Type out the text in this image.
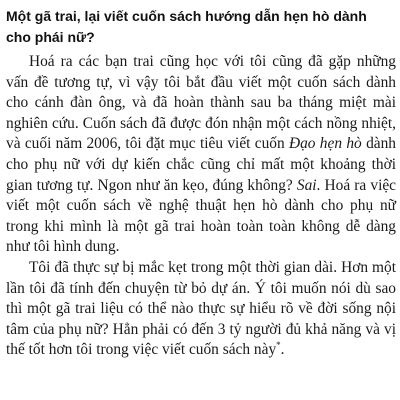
Một gã trai, lại viết cuốn sách hướng dẫn hẹn hò dành cho phái nữ?

Hoá ra các bạn trai cũng học với tôi cũng đã gặp những vấn đề tương tự, vì vậy tôi bắt đầu viết một cuốn sách dành cho cánh đàn ông, và đã hoàn thành sau ba tháng miệt mài nghiên cứu. Cuốn sách đã được đón nhận một cách nồng nhiệt, và cuối năm 2006, tôi đặt mục tiêu viết cuốn Đạo hẹn hò dành cho phụ nữ với dự kiến chắc cũng chỉ mất một khoảng thời gian tương tự. Ngon như ăn kẹo, đúng không? Sai. Hoá ra việc viết một cuốn sách về nghệ thuật hẹn hò dành cho phụ nữ trong khi mình là một gã trai hoàn toàn toàn không dễ dàng như tôi hình dung.

Tôi đã thực sự bị mắc kẹt trong một thời gian dài. Hơn một lần tôi đã tính đến chuyện từ bỏ dự án. Ý tôi muốn nói dù sao thì một gã trai liệu có thể nào thực sự hiểu rõ về đời sống nội tâm của phụ nữ? Hẳn phải có đến 3 tỷ người đủ khả năng và vị thế tốt hơn tôi trong việc viết cuốn sách này*.
